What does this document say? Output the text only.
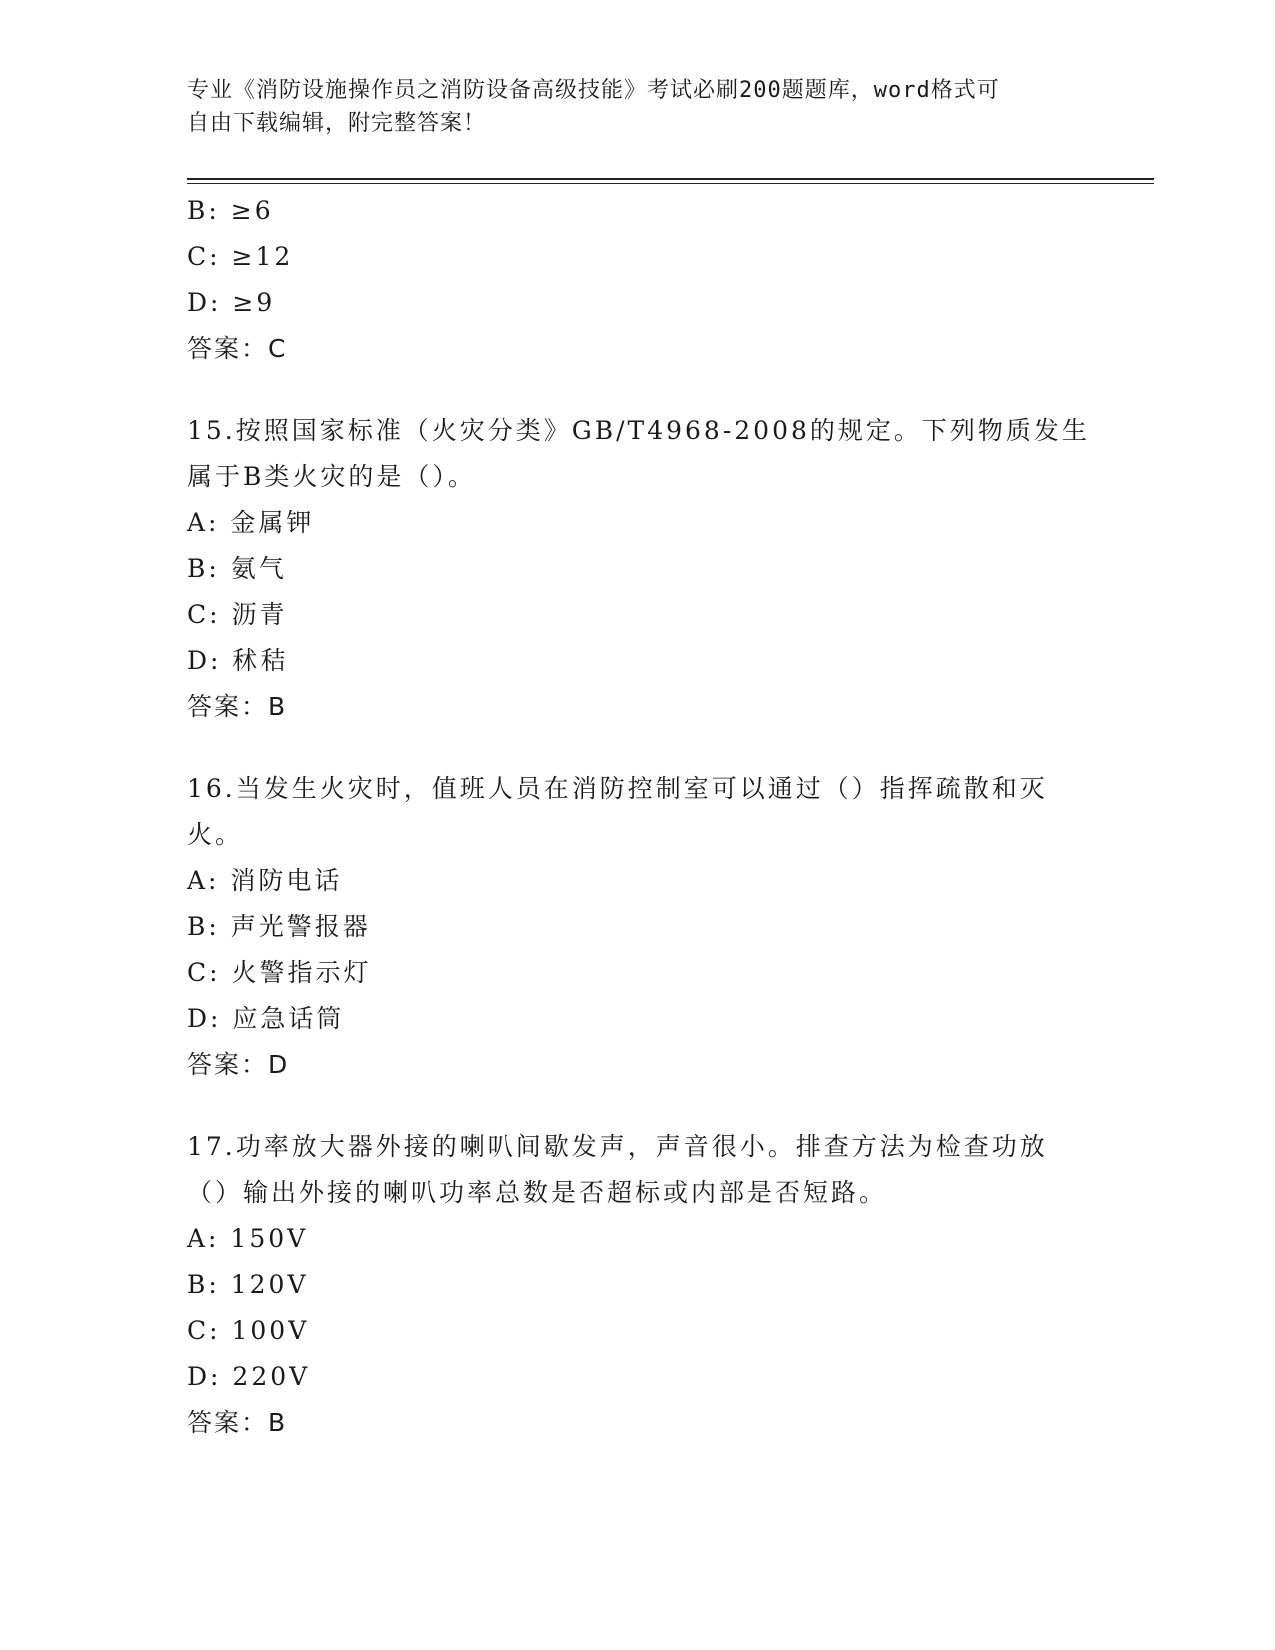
专业《消防设施操作员之消防设备高级技能》考试必刷200题题库，word格式可
自由下载编辑，附完整答案！
B: ≥6
C: ≥12
D: ≥9
答案：C
15.按照国家标准（火灾分类》GB/T4968-2008的规定。下列物质发生
属于B类火灾的是（）。
A: 金属钾
B: 氨气
C: 沥青
D: 秫秸
答案：B
16.当发生火灾时，值班人员在消防控制室可以通过（）指挥疏散和灭
火。
A: 消防电话
B: 声光警报器
C: 火警指示灯
D: 应急话筒
答案：D
17.功率放大器外接的喇叭间歇发声，声音很小。排查方法为检查功放
（）输出外接的喇叭功率总数是否超标或内部是否短路。
A: 150V
B: 120V
C: 100V
D: 220V
答案：B
